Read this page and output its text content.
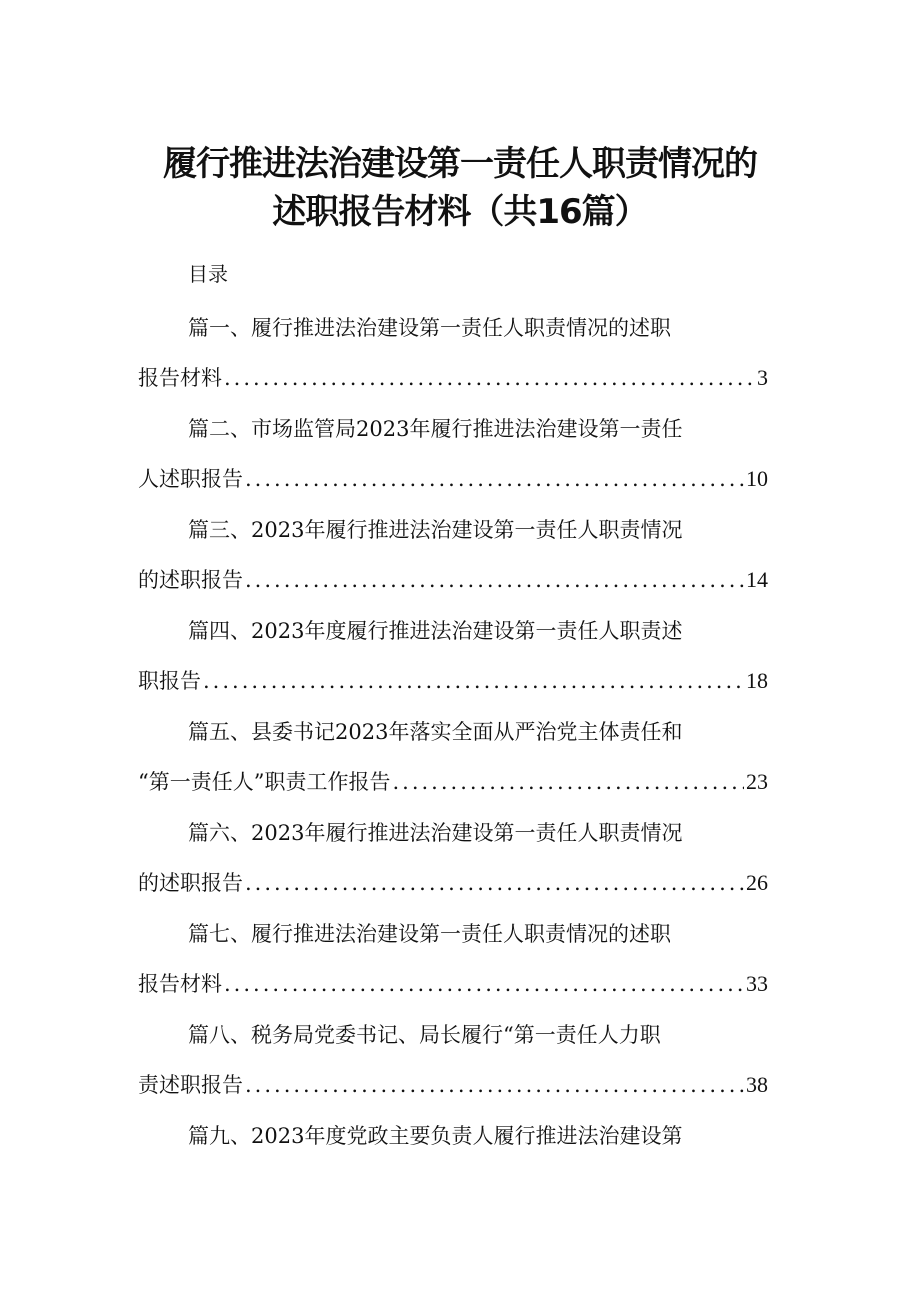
履行推进法治建设第一责任人职责情况的
述职报告材料（共16篇）
目录
篇一、履行推进法治建设第一责任人职责情况的述职
报告材料 .....	3
篇二、市场监管局2023年履行推进法治建设第一责任
人述职报告 .....	10
篇三、2023年履行推进法治建设第一责任人职责情况
的述职报告 .....	14
篇四、2023年度履行推进法治建设第一责任人职责述
职报告 .....	18
篇五、县委书记2023年落实全面从严治党主体责任和
“第一责任人”职责工作报告 .....	23
篇六、2023年履行推进法治建设第一责任人职责情况
的述职报告 .....	26
篇七、履行推进法治建设第一责任人职责情况的述职
报告材料 .....	33
篇八、税务局党委书记、局长履行“第一责任人力职
责述职报告 .....	38
篇九、2023年度党政主要负责人履行推进法治建设第
